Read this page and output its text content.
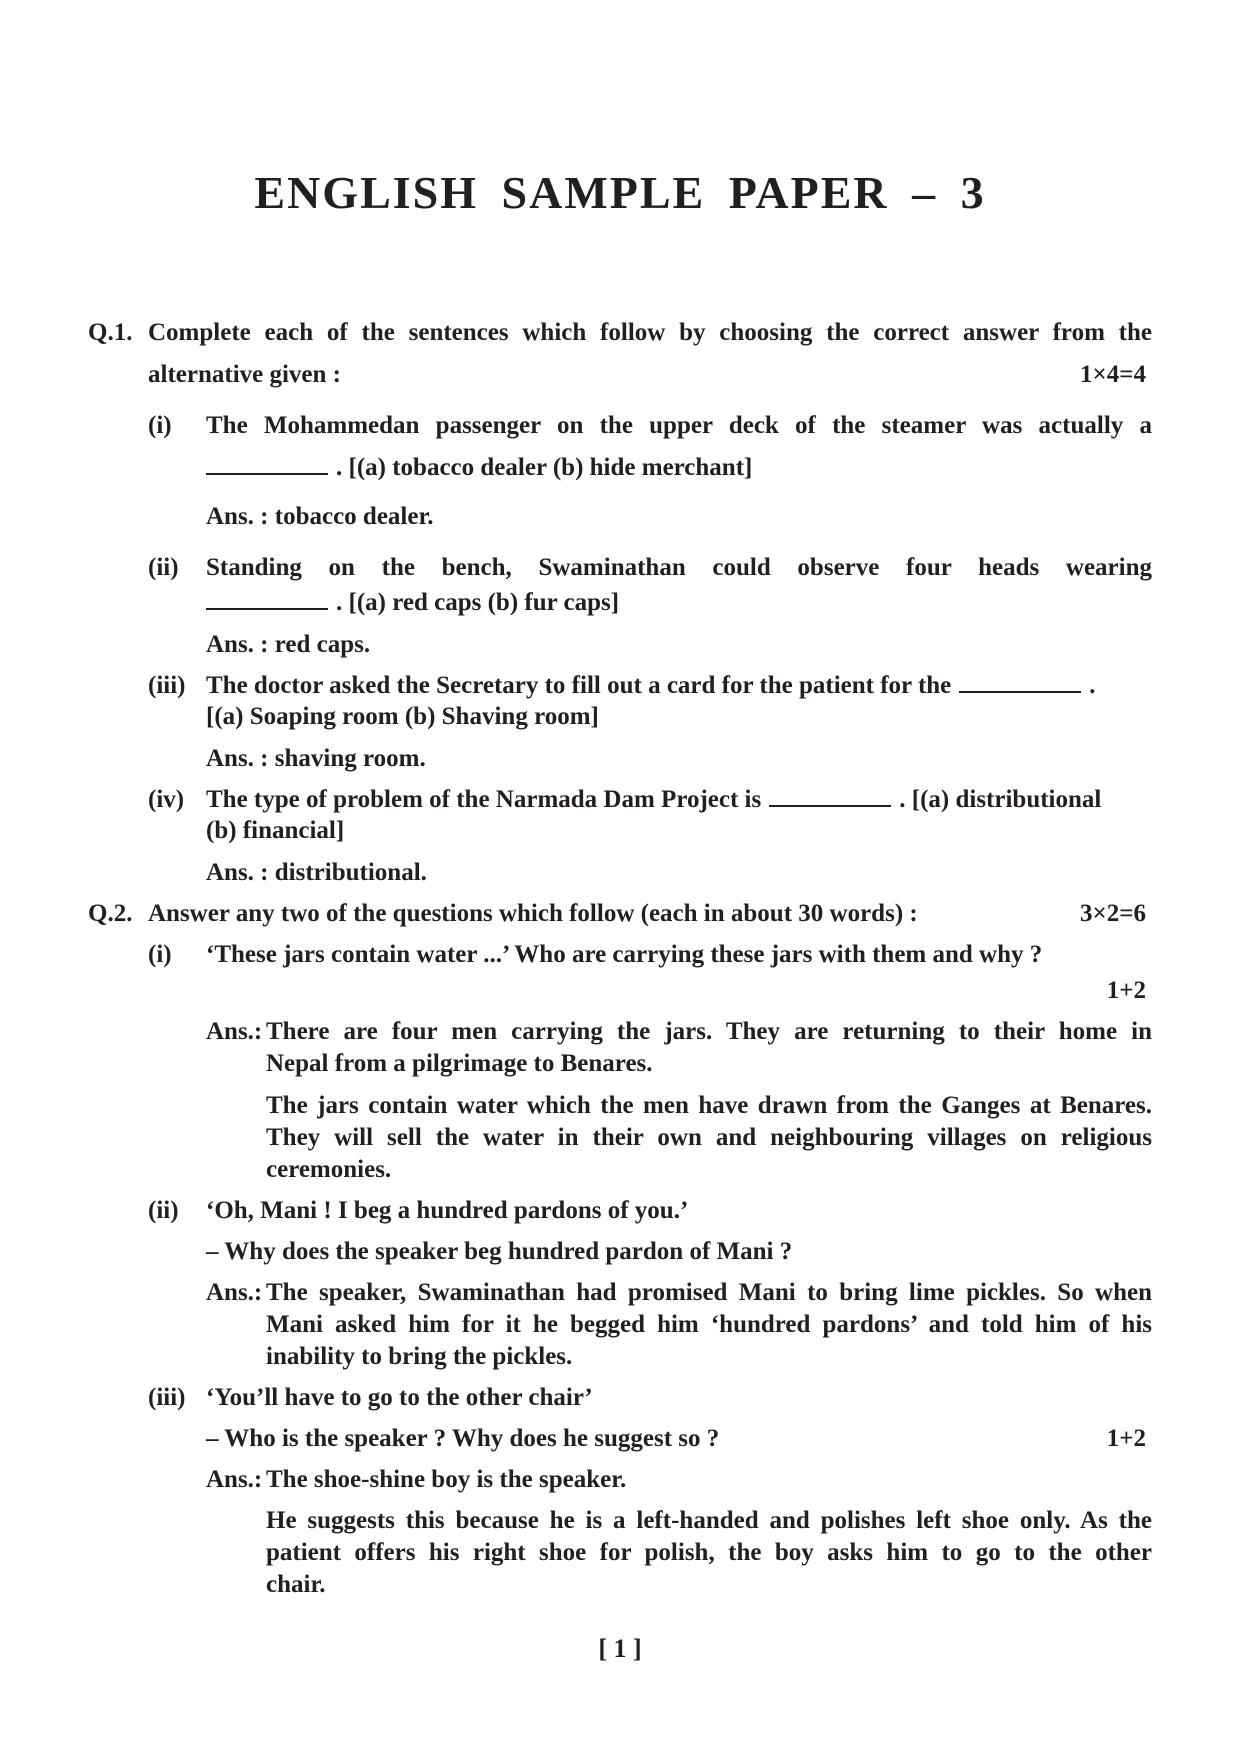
ENGLISH SAMPLE PAPER – 3
Q.1. Complete each of the sentences which follow by choosing the correct answer from the
alternative given :	1×4=4
(i) The Mohammedan passenger on the upper deck of the steamer was actually a
. [(a) tobacco dealer (b) hide merchant]
Ans. : tobacco dealer.
(ii) Standing on the bench, Swaminathan could observe four heads wearing
. [(a) red caps (b) fur caps]
Ans. : red caps.
(iii) The doctor asked the Secretary to fill out a card for the patient for the	.
[(a) Soaping room (b) Shaving room]
Ans. : shaving room.
(iv) The type of problem of the Narmada Dam Project is	. [(a) distributional
(b) financial]
Ans. : distributional.
Q.2. Answer any two of the questions which follow (each in about 30 words) :	3×2=6
(i) ‘These jars contain water ...’ Who are carrying these jars with them and why ?
1+2
Ans.: There are four men carrying the jars. They are returning to their home in
Nepal from a pilgrimage to Benares.
The jars contain water which the men have drawn from the Ganges at Benares.
They will sell the water in their own and neighbouring villages on religious
ceremonies.
(ii) ‘Oh, Mani ! I beg a hundred pardons of you.’
– Why does the speaker beg hundred pardon of Mani ?
Ans.: The speaker, Swaminathan had promised Mani to bring lime pickles. So when
Mani asked him for it he begged him ‘hundred pardons’ and told him of his
inability to bring the pickles.
(iii) ‘You’ll have to go to the other chair’
– Who is the speaker ? Why does he suggest so ?	1+2
Ans.: The shoe-shine boy is the speaker.
He suggests this because he is a left-handed and polishes left shoe only. As the
patient offers his right shoe for polish, the boy asks him to go to the other
chair.
[ 1 ]
